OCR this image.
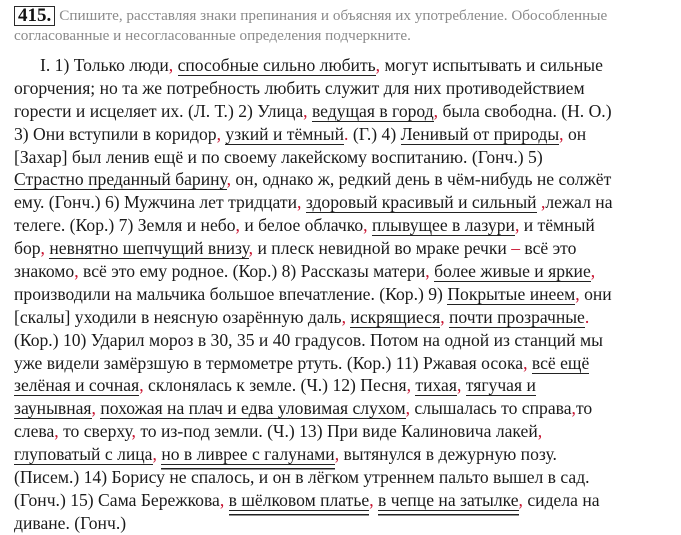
415. Спишите, расставляя знаки препинания и объясняя их употребление. Обособленные
согласованные и несогласованные определения подчеркните.
I. 1) Только люди, способные сильно любить, могут испытывать и сильные
огорчения; но та же потребность любить служит для них противодействием
горести и исцеляет их. (Л. Т.) 2) Улица, ведущая в город, была свободна. (Н. О.)
3) Они вступили в коридор, узкий и тёмный. (Г.) 4) Ленивый от природы, он
[Захар] был ленив ещё и по своему лакейскому воспитанию. (Гонч.) 5)
Страстно преданный барину, он, однако ж, редкий день в чём-нибудь не солжёт
ему. (Гонч.) 6) Мужчина лет тридцати, здоровый красивый и сильный ,лежал на
телеге. (Кор.) 7) Земля и небо, и белое облачко, плывущее в лазури, и тёмный
бор, невнятно шепчущий внизу, и плеск невидной во мраке речки – всё это
знакомо, всё это ему родное. (Кор.) 8) Рассказы матери, более живые и яркие,
производили на мальчика большое впечатление. (Кор.) 9) Покрытые инеем, они
[скалы] уходили в неясную озарённую даль, искрящиеся, почти прозрачные.
(Кор.) 10) Ударил мороз в 30, 35 и 40 градусов. Потом на одной из станций мы
уже видели замёрзшую в термометре ртуть. (Кор.) 11) Ржавая осока, всё ещё
зелёная и сочная, склонялась к земле. (Ч.) 12) Песня, тихая, тягучая и
заунывная, похожая на плач и едва уловимая слухом, слышалась то справа,то
слева, то сверху, то из-под земли. (Ч.) 13) При виде Калиновича лакей,
глуповатый с лица, но в ливрее с галунами, вытянулся в дежурную позу.
(Писем.) 14) Борису не спалось, и он в лёгком утреннем пальто вышел в сад.
(Гонч.) 15) Сама Бережкова, в шёлковом платье, в чепце на затылке, сидела на
диване. (Гонч.)
